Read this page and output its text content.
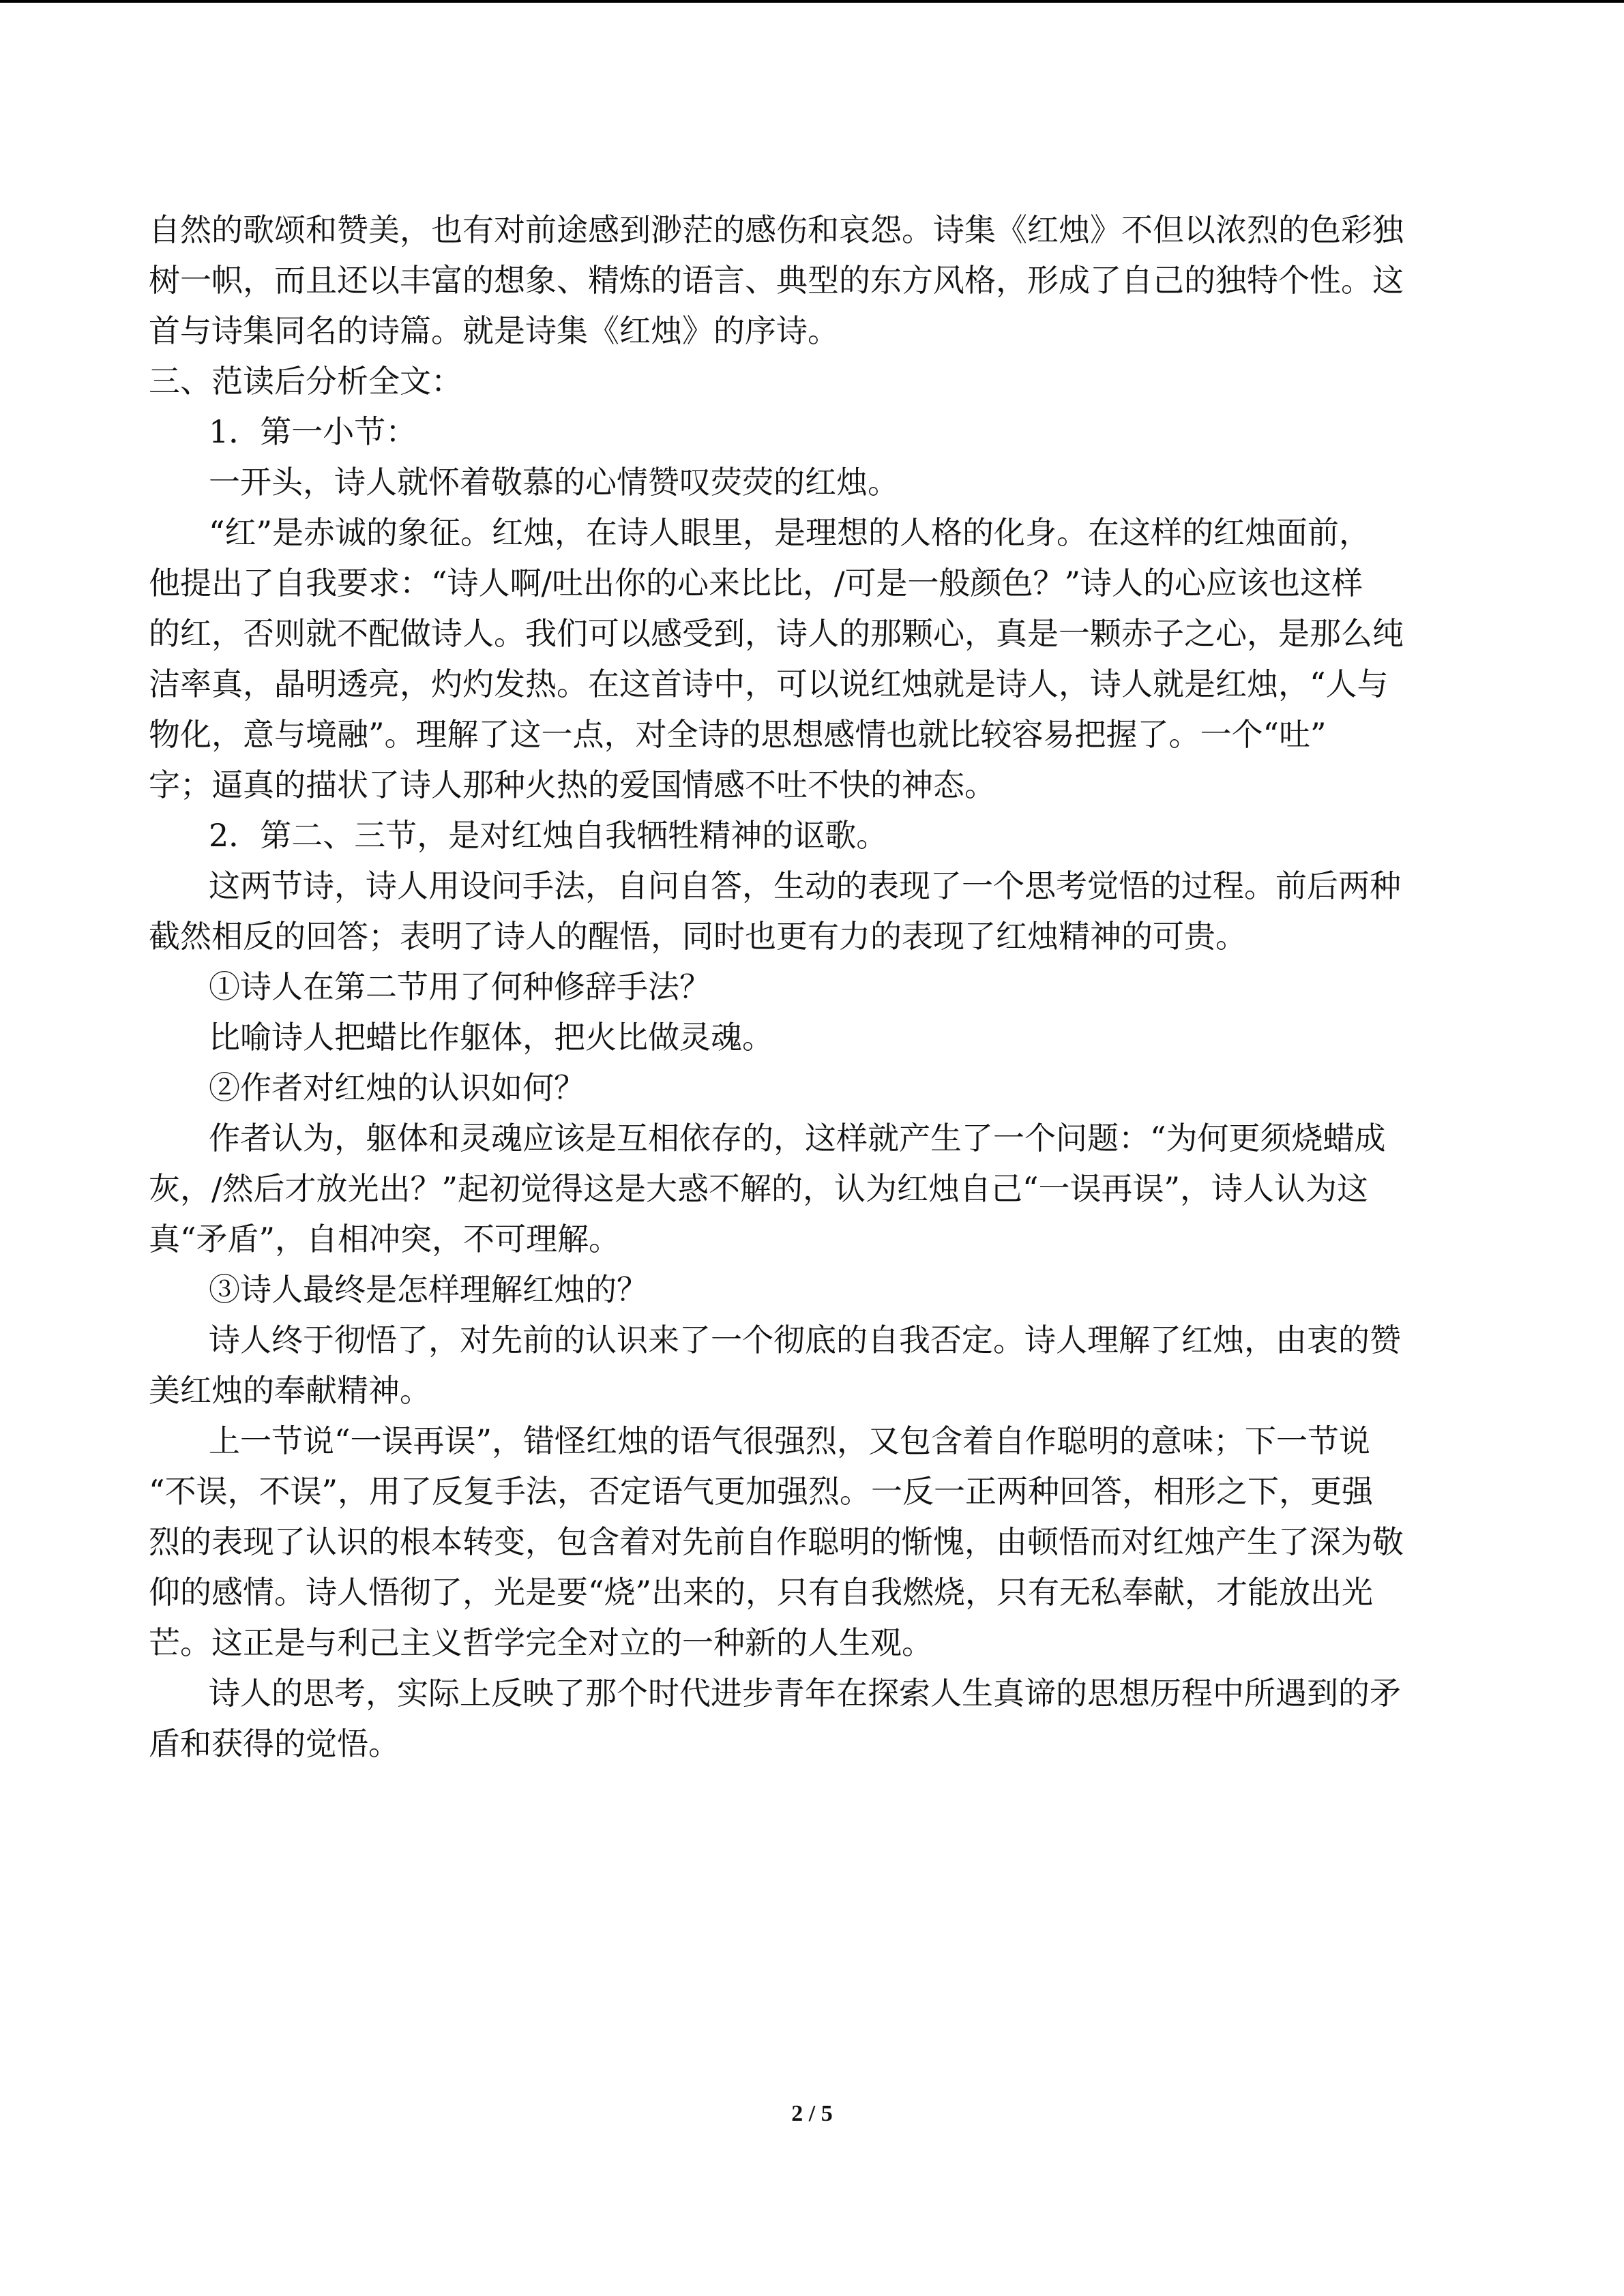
自然的歌颂和赞美，也有对前途感到渺茫的感伤和哀怨。诗集《红烛》不但以浓烈的色彩独
树一帜，而且还以丰富的想象、精炼的语言、典型的东方风格，形成了自己的独特个性。这
首与诗集同名的诗篇。就是诗集《红烛》的序诗。
三、范读后分析全文：
1．第一小节：
一开头，诗人就怀着敬慕的心情赞叹荧荧的红烛。
“红”是赤诚的象征。红烛，在诗人眼里，是理想的人格的化身。在这样的红烛面前，
他提出了自我要求：“诗人啊/吐出你的心来比比，/可是一般颜色？”诗人的心应该也这样
的红，否则就不配做诗人。我们可以感受到，诗人的那颗心，真是一颗赤子之心，是那么纯
洁率真，晶明透亮，灼灼发热。在这首诗中，可以说红烛就是诗人，诗人就是红烛，“人与
物化，意与境融”。理解了这一点，对全诗的思想感情也就比较容易把握了。一个“吐”
字；逼真的描状了诗人那种火热的爱国情感不吐不快的神态。
2．第二、三节，是对红烛自我牺牲精神的讴歌。
这两节诗，诗人用设问手法，自问自答，生动的表现了一个思考觉悟的过程。前后两种
截然相反的回答；表明了诗人的醒悟，同时也更有力的表现了红烛精神的可贵。
①诗人在第二节用了何种修辞手法？
比喻诗人把蜡比作躯体，把火比做灵魂。
②作者对红烛的认识如何？
作者认为，躯体和灵魂应该是互相依存的，这样就产生了一个问题：“为何更须烧蜡成
灰，/然后才放光出？”起初觉得这是大惑不解的，认为红烛自己“一误再误”，诗人认为这
真“矛盾”，自相冲突，不可理解。
③诗人最终是怎样理解红烛的？
诗人终于彻悟了，对先前的认识来了一个彻底的自我否定。诗人理解了红烛，由衷的赞
美红烛的奉献精神。
上一节说“一误再误”，错怪红烛的语气很强烈，又包含着自作聪明的意味；下一节说
“不误，不误”，用了反复手法，否定语气更加强烈。一反一正两种回答，相形之下，更强
烈的表现了认识的根本转变，包含着对先前自作聪明的惭愧，由顿悟而对红烛产生了深为敬
仰的感情。诗人悟彻了，光是要“烧”出来的，只有自我燃烧，只有无私奉献，才能放出光
芒。这正是与利己主义哲学完全对立的一种新的人生观。
诗人的思考，实际上反映了那个时代进步青年在探索人生真谛的思想历程中所遇到的矛
盾和获得的觉悟。
2 / 5
